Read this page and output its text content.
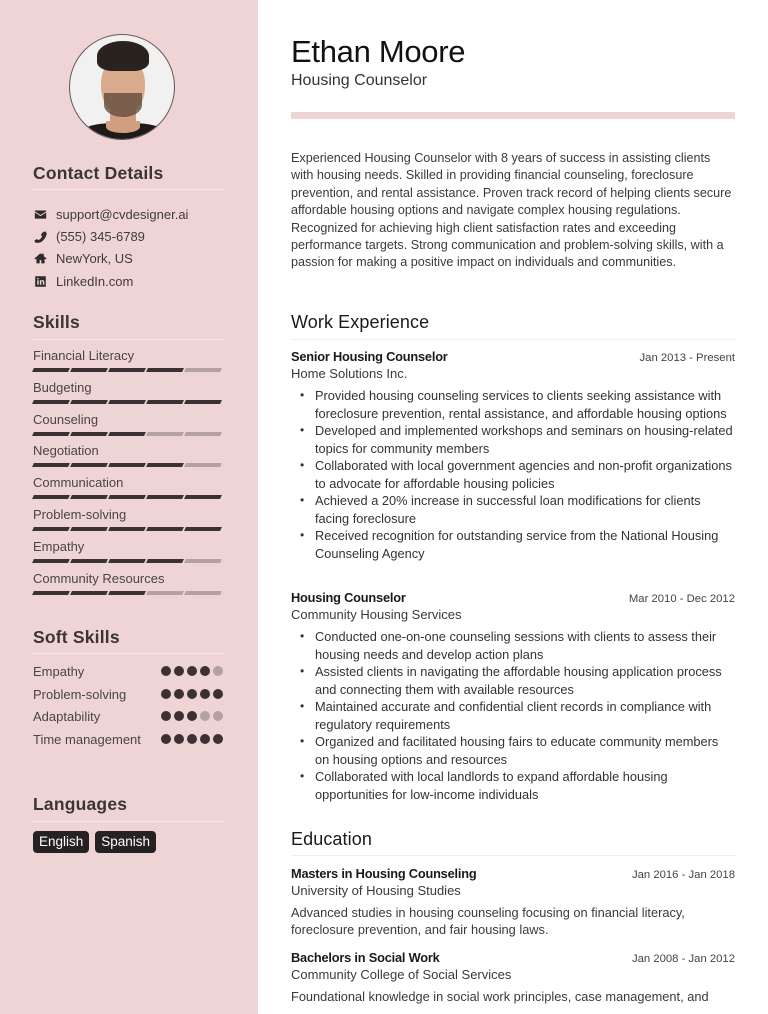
Contact Details
support@cvdesigner.ai
(555) 345-6789
NewYork, US
LinkedIn.com
Skills
Financial Literacy
Budgeting
Counseling
Negotiation
Communication
Problem-solving
Empathy
Community Resources
Soft Skills
Empathy
Problem-solving
Adaptability
Time management
Languages
English	Spanish
Ethan Moore
Housing Counselor

Experienced Housing Counselor with 8 years of success in assisting clients with housing needs. Skilled in providing financial counseling, foreclosure prevention, and rental assistance. Proven track record of helping clients secure affordable housing options and navigate complex housing regulations. Recognized for achieving high client satisfaction rates and exceeding performance targets. Strong communication and problem-solving skills, with a passion for making a positive impact on individuals and communities.

Work Experience
Senior Housing Counselor	Jan 2013 - Present
Home Solutions Inc.
• Provided housing counseling services to clients seeking assistance with foreclosure prevention, rental assistance, and affordable housing options
• Developed and implemented workshops and seminars on housing-related topics for community members
• Collaborated with local government agencies and non-profit organizations to advocate for affordable housing policies
• Achieved a 20% increase in successful loan modifications for clients facing foreclosure
• Received recognition for outstanding service from the National Housing Counseling Agency
Housing Counselor	Mar 2010 - Dec 2012
Community Housing Services
• Conducted one-on-one counseling sessions with clients to assess their housing needs and develop action plans
• Assisted clients in navigating the affordable housing application process and connecting them with available resources
• Maintained accurate and confidential client records in compliance with regulatory requirements
• Organized and facilitated housing fairs to educate community members on housing options and resources
• Collaborated with local landlords to expand affordable housing opportunities for low-income individuals
Education
Masters in Housing Counseling	Jan 2016 - Jan 2018
University of Housing Studies

Advanced studies in housing counseling focusing on financial literacy, foreclosure prevention, and fair housing laws.

Bachelors in Social Work	Jan 2008 - Jan 2012
Community College of Social Services

Foundational knowledge in social work principles, case management, and
